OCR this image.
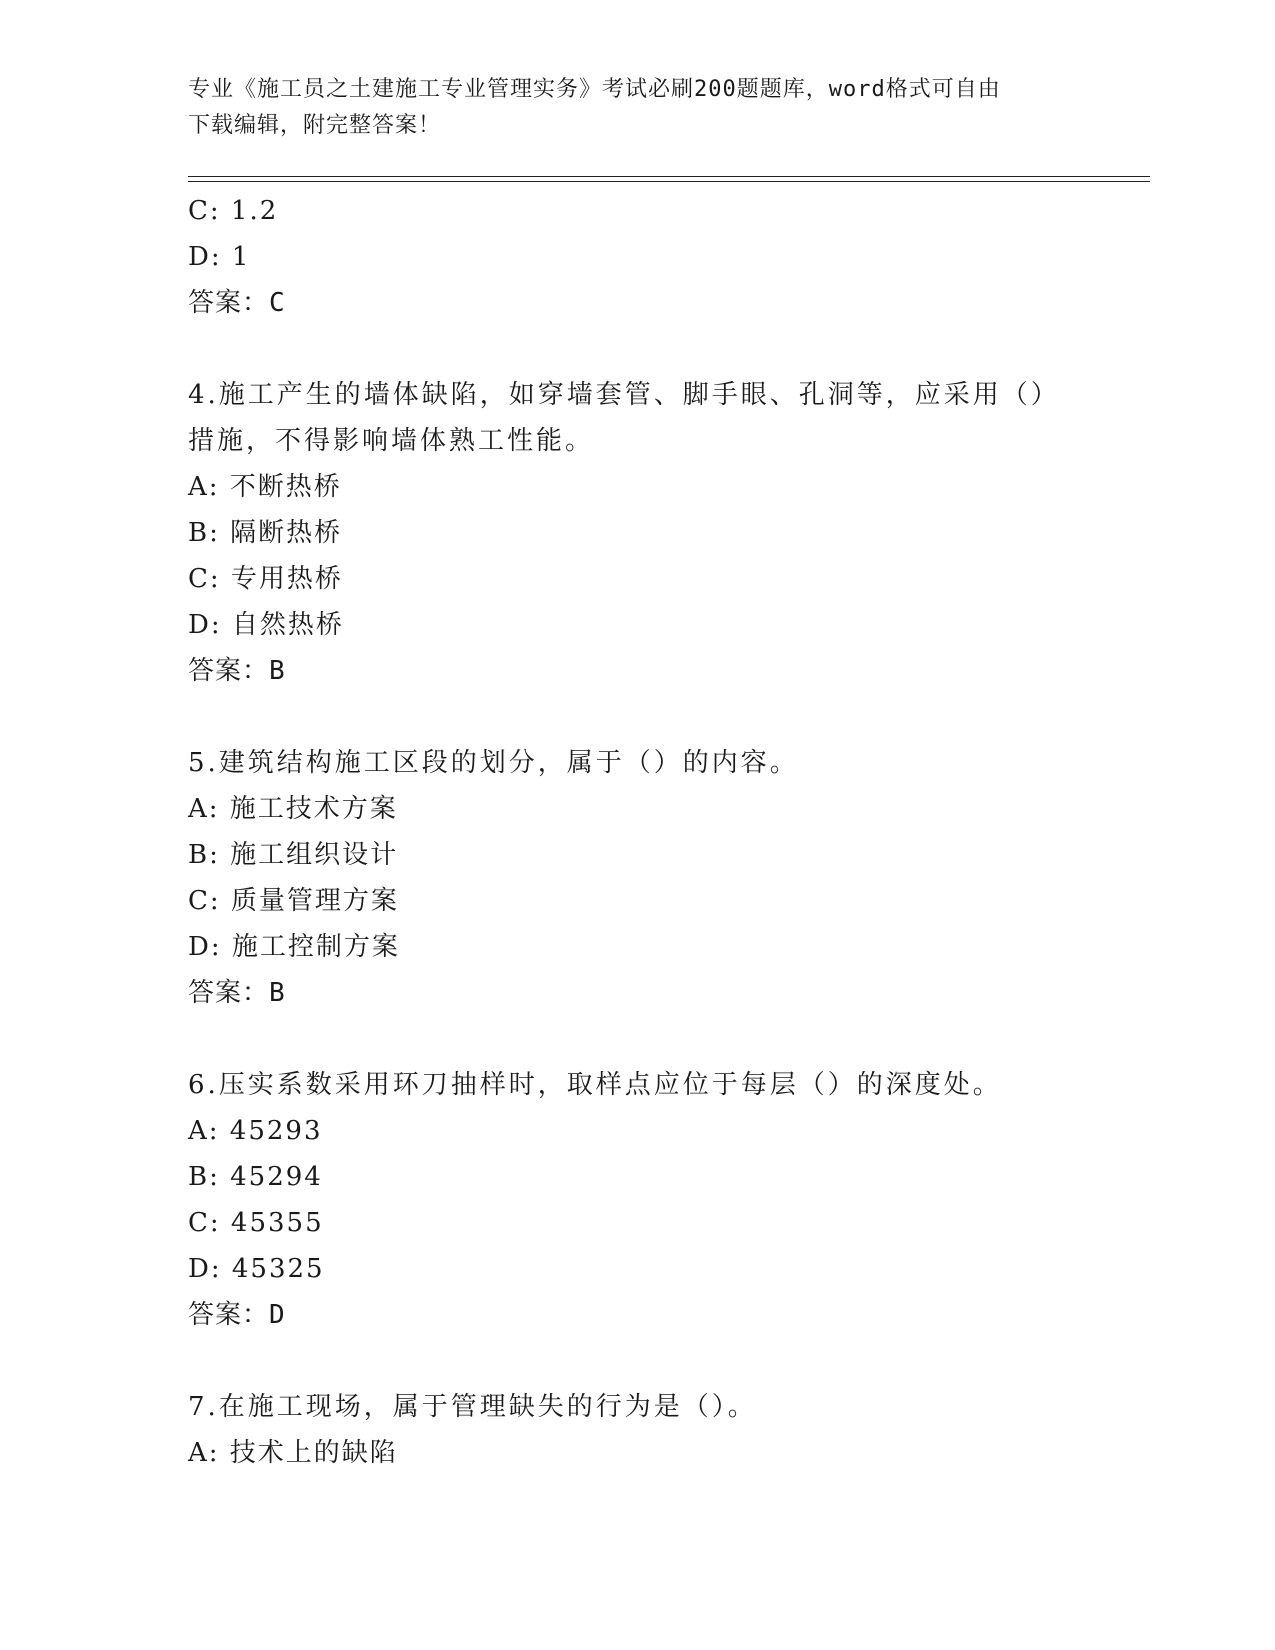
专业《施工员之土建施工专业管理实务》考试必刷200题题库，word格式可自由
下载编辑，附完整答案！
C: 1.2
D: 1
答案：C
4.施工产生的墙体缺陷，如穿墙套管、脚手眼、孔洞等，应采用（）
措施，不得影响墙体熟工性能。
A: 不断热桥
B: 隔断热桥
C: 专用热桥
D: 自然热桥
答案：B
5.建筑结构施工区段的划分，属于（）的内容。
A: 施工技术方案
B: 施工组织设计
C: 质量管理方案
D: 施工控制方案
答案：B
6.压实系数采用环刀抽样时，取样点应位于每层（）的深度处。
A: 45293
B: 45294
C: 45355
D: 45325
答案：D
7.在施工现场，属于管理缺失的行为是（）。
A: 技术上的缺陷
